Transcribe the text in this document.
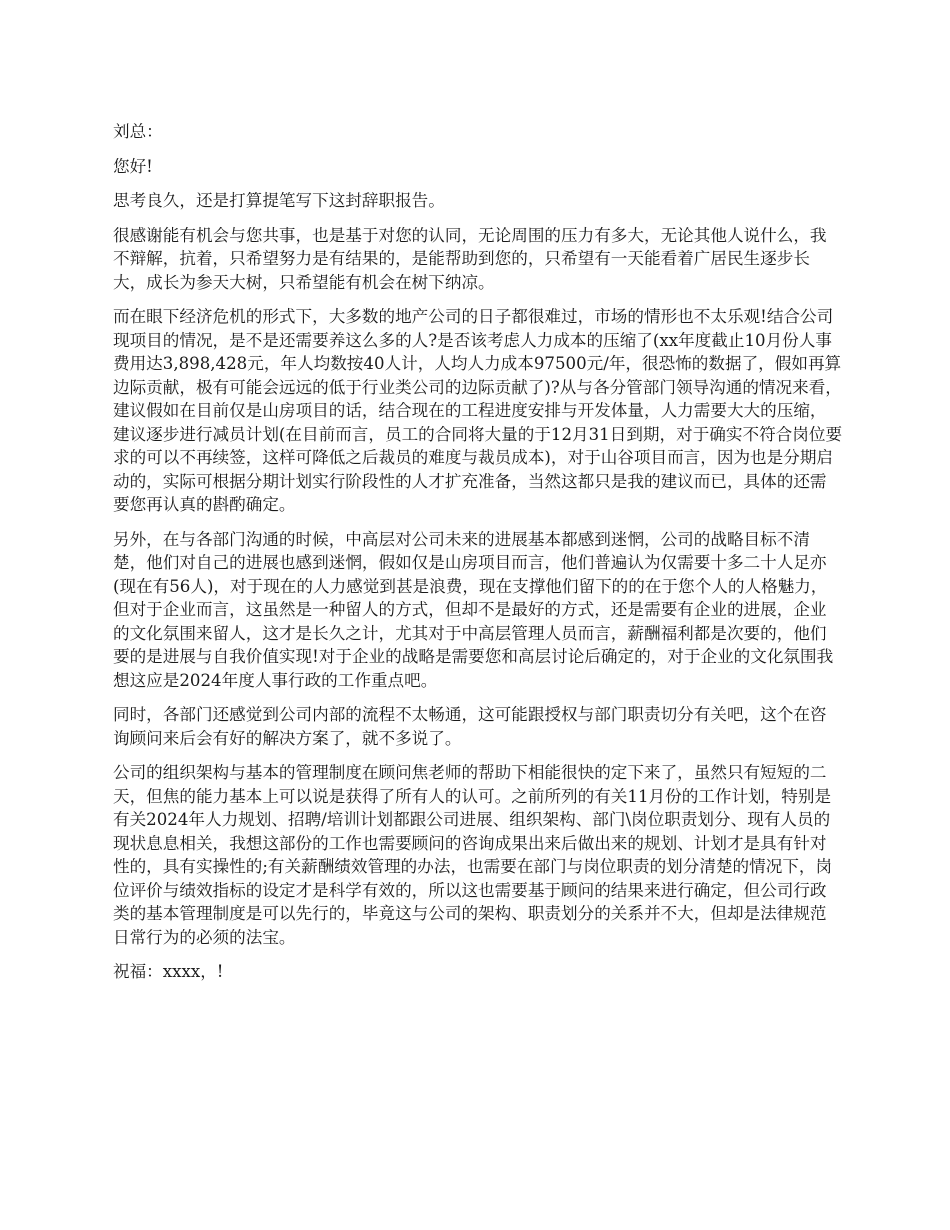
刘总：

您好!

思考良久，还是打算提笔写下这封辞职报告。

很感谢能有机会与您共事，也是基于对您的认同，无论周围的压力有多大，无论其他人说什么，我不辩解，抗着，只希望努力是有结果的，是能帮助到您的，只希望有一天能看着广居民生逐步长大，成长为参天大树，只希望能有机会在树下纳凉。

而在眼下经济危机的形式下，大多数的地产公司的日子都很难过，市场的情形也不太乐观!结合公司现项目的情况，是不是还需要养这么多的人?是否该考虑人力成本的压缩了(xx年度截止10月份人事费用达3,898,428元，年人均数按40人计，人均人力成本97500元/年，很恐怖的数据了，假如再算边际贡献，极有可能会远远的低于行业类公司的边际贡献了)?从与各分管部门领导沟通的情况来看，建议假如在目前仅是山房项目的话，结合现在的工程进度安排与开发体量，人力需要大大的压缩，建议逐步进行减员计划(在目前而言，员工的合同将大量的于12月31日到期，对于确实不符合岗位要求的可以不再续签，这样可降低之后裁员的难度与裁员成本)，对于山谷项目而言，因为也是分期启动的，实际可根据分期计划实行阶段性的人才扩充准备，当然这都只是我的建议而已，具体的还需要您再认真的斟酌确定。

另外，在与各部门沟通的时候，中高层对公司未来的进展基本都感到迷惘，公司的战略目标不清楚，他们对自己的进展也感到迷惘，假如仅是山房项目而言，他们普遍认为仅需要十多二十人足亦(现在有56人)，对于现在的人力感觉到甚是浪费，现在支撑他们留下的的在于您个人的人格魅力，但对于企业而言，这虽然是一种留人的方式，但却不是最好的方式，还是需要有企业的进展，企业的文化氛围来留人，这才是长久之计，尤其对于中高层管理人员而言，薪酬福利都是次要的，他们要的是进展与自我价值实现!对于企业的战略是需要您和高层讨论后确定的，对于企业的文化氛围我想这应是2024年度人事行政的工作重点吧。

同时，各部门还感觉到公司内部的流程不太畅通，这可能跟授权与部门职责切分有关吧，这个在咨询顾问来后会有好的解决方案了，就不多说了。

公司的组织架构与基本的管理制度在顾问焦老师的帮助下相能很快的定下来了，虽然只有短短的二天，但焦的能力基本上可以说是获得了所有人的认可。之前所列的有关11月份的工作计划，特别是有关2024年人力规划、招聘/培训计划都跟公司进展、组织架构、部门\岗位职责划分、现有人员的现状息息相关，我想这部份的工作也需要顾问的咨询成果出来后做出来的规划、计划才是具有针对性的，具有实操性的;有关薪酬绩效管理的办法，也需要在部门与岗位职责的划分清楚的情况下，岗位评价与绩效指标的设定才是科学有效的，所以这也需要基于顾问的结果来进行确定，但公司行政类的基本管理制度是可以先行的，毕竟这与公司的架构、职责划分的关系并不大，但却是法律规范日常行为的必须的法宝。

祝福：xxxx，!
